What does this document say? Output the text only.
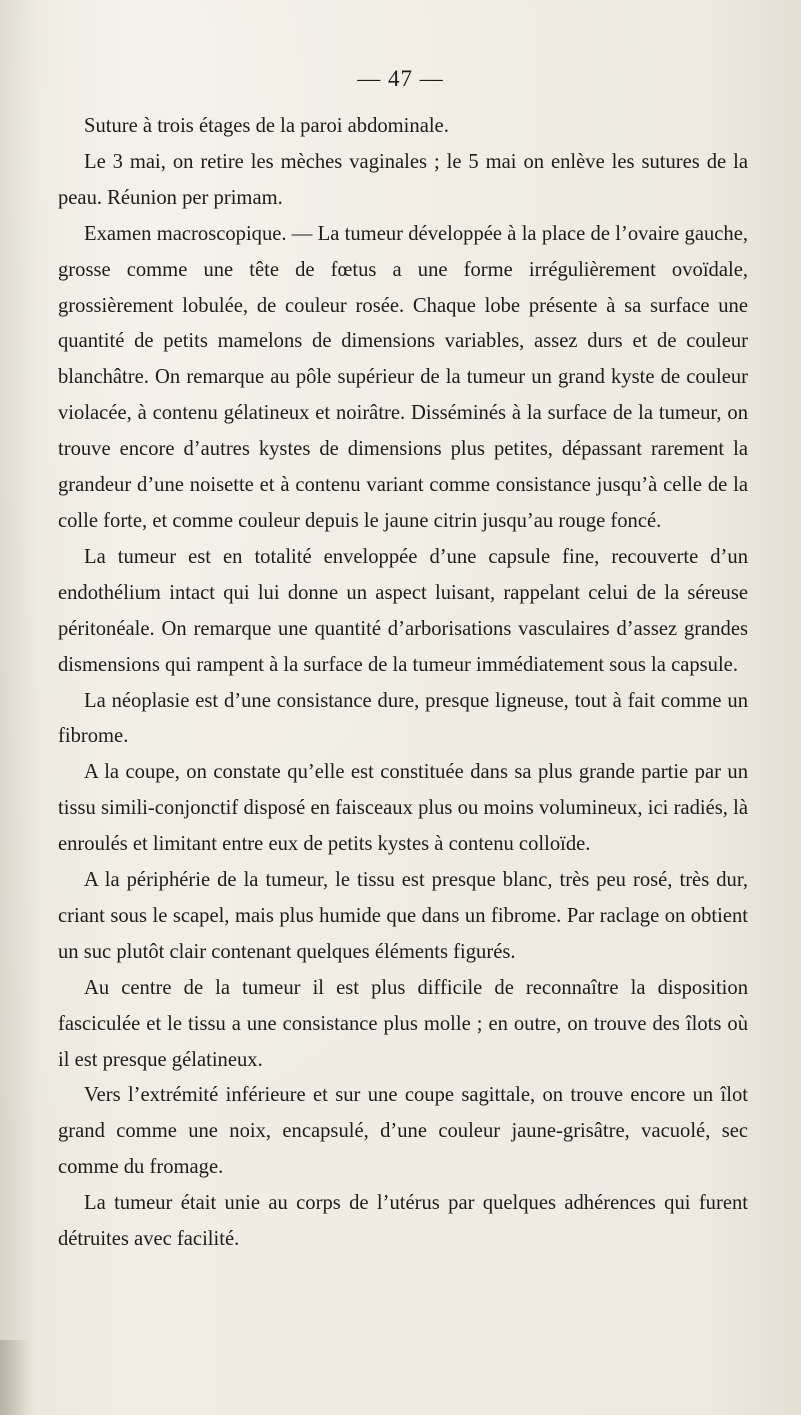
— 47 —

Suture à trois étages de la paroi abdominale.

Le 3 mai, on retire les mèches vaginales ; le 5 mai on enlève les sutures de la peau. Réunion per primam.

Examen macroscopique. — La tumeur développée à la place de l’ovaire gauche, grosse comme une tête de fœtus a une forme irrégulièrement ovoïdale, grossièrement lobulée, de couleur rosée. Chaque lobe présente à sa surface une quantité de petits mamelons de dimensions variables, assez durs et de couleur blanchâtre. On remarque au pôle supérieur de la tumeur un grand kyste de couleur violacée, à contenu gélatineux et noirâtre. Disséminés à la surface de la tumeur, on trouve encore d’autres kystes de dimensions plus petites, dépassant rarement la grandeur d’une noisette et à contenu variant comme consistance jusqu’à celle de la colle forte, et comme couleur depuis le jaune citrin jusqu’au rouge foncé.

La tumeur est en totalité enveloppée d’une capsule fine, recouverte d’un endothélium intact qui lui donne un aspect luisant, rappelant celui de la séreuse péritonéale. On remarque une quantité d’arborisations vasculaires d’assez grandes dismensions qui rampent à la surface de la tumeur immédiatement sous la capsule.

La néoplasie est d’une consistance dure, presque ligneuse, tout à fait comme un fibrome.

A la coupe, on constate qu’elle est constituée dans sa plus grande partie par un tissu simili-conjonctif disposé en faisceaux plus ou moins volumineux, ici radiés, là enroulés et limitant entre eux de petits kystes à contenu colloïde.

A la périphérie de la tumeur, le tissu est presque blanc, très peu rosé, très dur, criant sous le scapel, mais plus humide que dans un fibrome. Par raclage on obtient un suc plutôt clair contenant quelques éléments figurés.

Au centre de la tumeur il est plus difficile de reconnaître la disposition fasciculée et le tissu a une consistance plus molle ; en outre, on trouve des îlots où il est presque gélatineux.

Vers l’extrémité inférieure et sur une coupe sagittale, on trouve encore un îlot grand comme une noix, encapsulé, d’une couleur jaune-grisâtre, vacuolé, sec comme du fromage.

La tumeur était unie au corps de l’utérus par quelques adhérences qui furent détruites avec facilité.
